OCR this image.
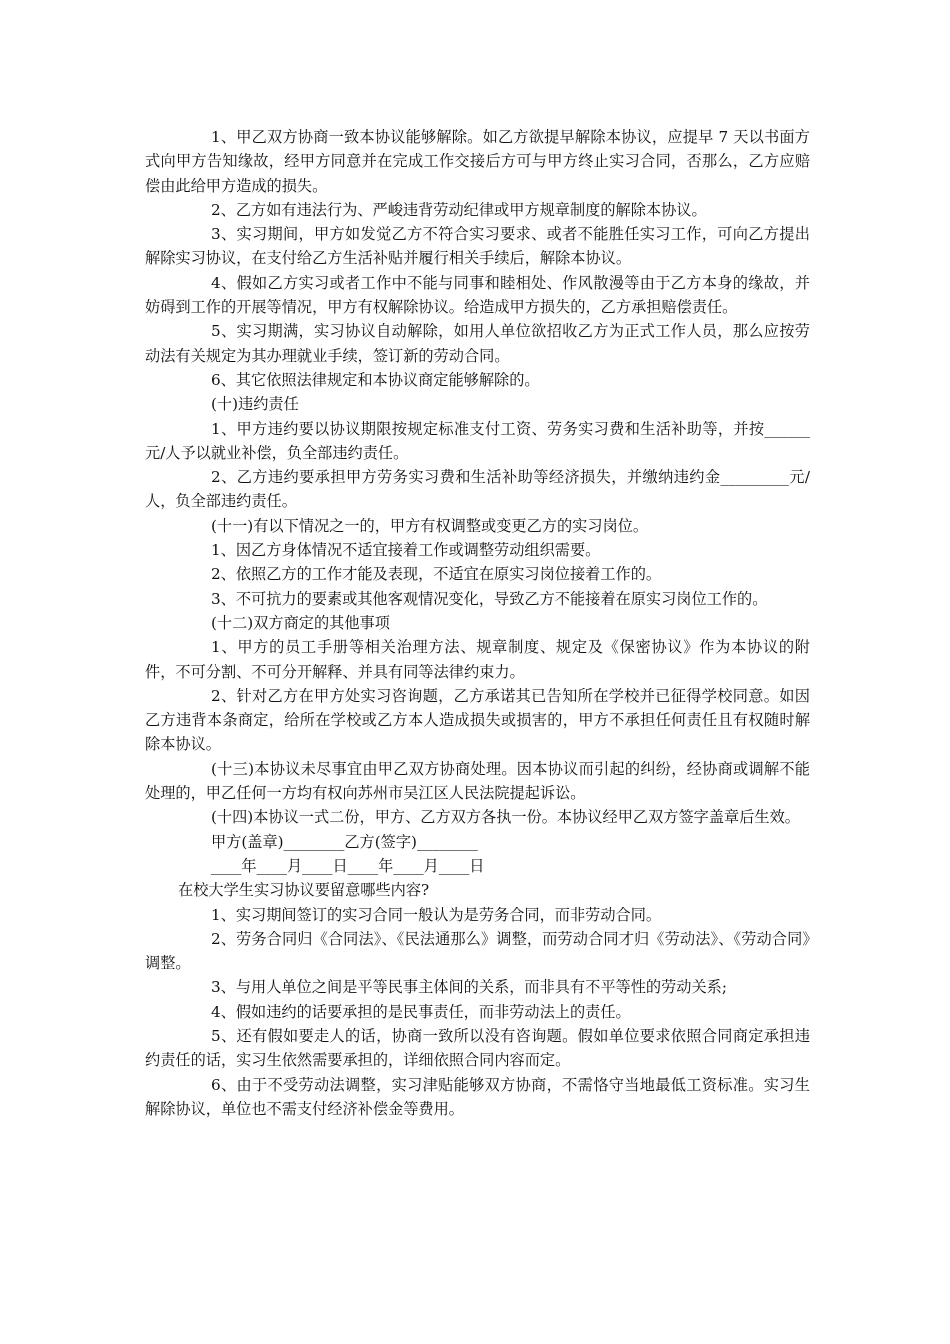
1、甲乙双方协商一致本协议能够解除。如乙方欲提早解除本协议，应提早 7 天以书面方式向甲方告知缘故，经甲方同意并在完成工作交接后方可与甲方终止实习合同，否那么，乙方应赔偿由此给甲方造成的损失。

2、乙方如有违法行为、严峻违背劳动纪律或甲方规章制度的解除本协议。

3、实习期间，甲方如发觉乙方不符合实习要求、或者不能胜任实习工作，可向乙方提出解除实习协议，在支付给乙方生活补贴并履行相关手续后，解除本协议。

4、假如乙方实习或者工作中不能与同事和睦相处、作风散漫等由于乙方本身的缘故，并妨碍到工作的开展等情况，甲方有权解除协议。给造成甲方损失的，乙方承担赔偿责任。

5、实习期满，实习协议自动解除，如用人单位欲招收乙方为正式工作人员，那么应按劳动法有关规定为其办理就业手续，签订新的劳动合同。

6、其它依照法律规定和本协议商定能够解除的。

(十)违约责任

1、甲方违约要以协议期限按规定标准支付工资、劳务实习费和生活补助等，并按______元/人予以就业补偿，负全部违约责任。

2、乙方违约要承担甲方劳务实习费和生活补助等经济损失，并缴纳违约金_________元/人，负全部违约责任。

(十一)有以下情况之一的，甲方有权调整或变更乙方的实习岗位。

1、因乙方身体情况不适宜接着工作或调整劳动组织需要。

2、依照乙方的工作才能及表现，不适宜在原实习岗位接着工作的。

3、不可抗力的要素或其他客观情况变化，导致乙方不能接着在原实习岗位工作的。

(十二)双方商定的其他事项

1、甲方的员工手册等相关治理方法、规章制度、规定及《保密协议》作为本协议的附件，不可分割、不可分开解释、并具有同等法律约束力。

2、针对乙方在甲方处实习咨询题，乙方承诺其已告知所在学校并已征得学校同意。如因乙方违背本条商定，给所在学校或乙方本人造成损失或损害的，甲方不承担任何责任且有权随时解除本协议。

(十三)本协议未尽事宜由甲乙双方协商处理。因本协议而引起的纠纷，经协商或调解不能处理的，甲乙任何一方均有权向苏州市吴江区人民法院提起诉讼。

(十四)本协议一式二份，甲方、乙方双方各执一份。本协议经甲乙双方签字盖章后生效。

甲方(盖章)________乙方(签字)________

____年____月____日____年____月____日

在校大学生实习协议要留意哪些内容?

1、实习期间签订的实习合同一般认为是劳务合同，而非劳动合同。

2、劳务合同归《合同法》、《民法通那么》调整，而劳动合同才归《劳动法》、《劳动合同》调整。

3、与用人单位之间是平等民事主体间的关系，而非具有不平等性的劳动关系;

4、假如违约的话要承担的是民事责任，而非劳动法上的责任。

5、还有假如要走人的话，协商一致所以没有咨询题。假如单位要求依照合同商定承担违约责任的话，实习生依然需要承担的，详细依照合同内容而定。

6、由于不受劳动法调整，实习津贴能够双方协商，不需恪守当地最低工资标准。实习生解除协议，单位也不需支付经济补偿金等费用。
